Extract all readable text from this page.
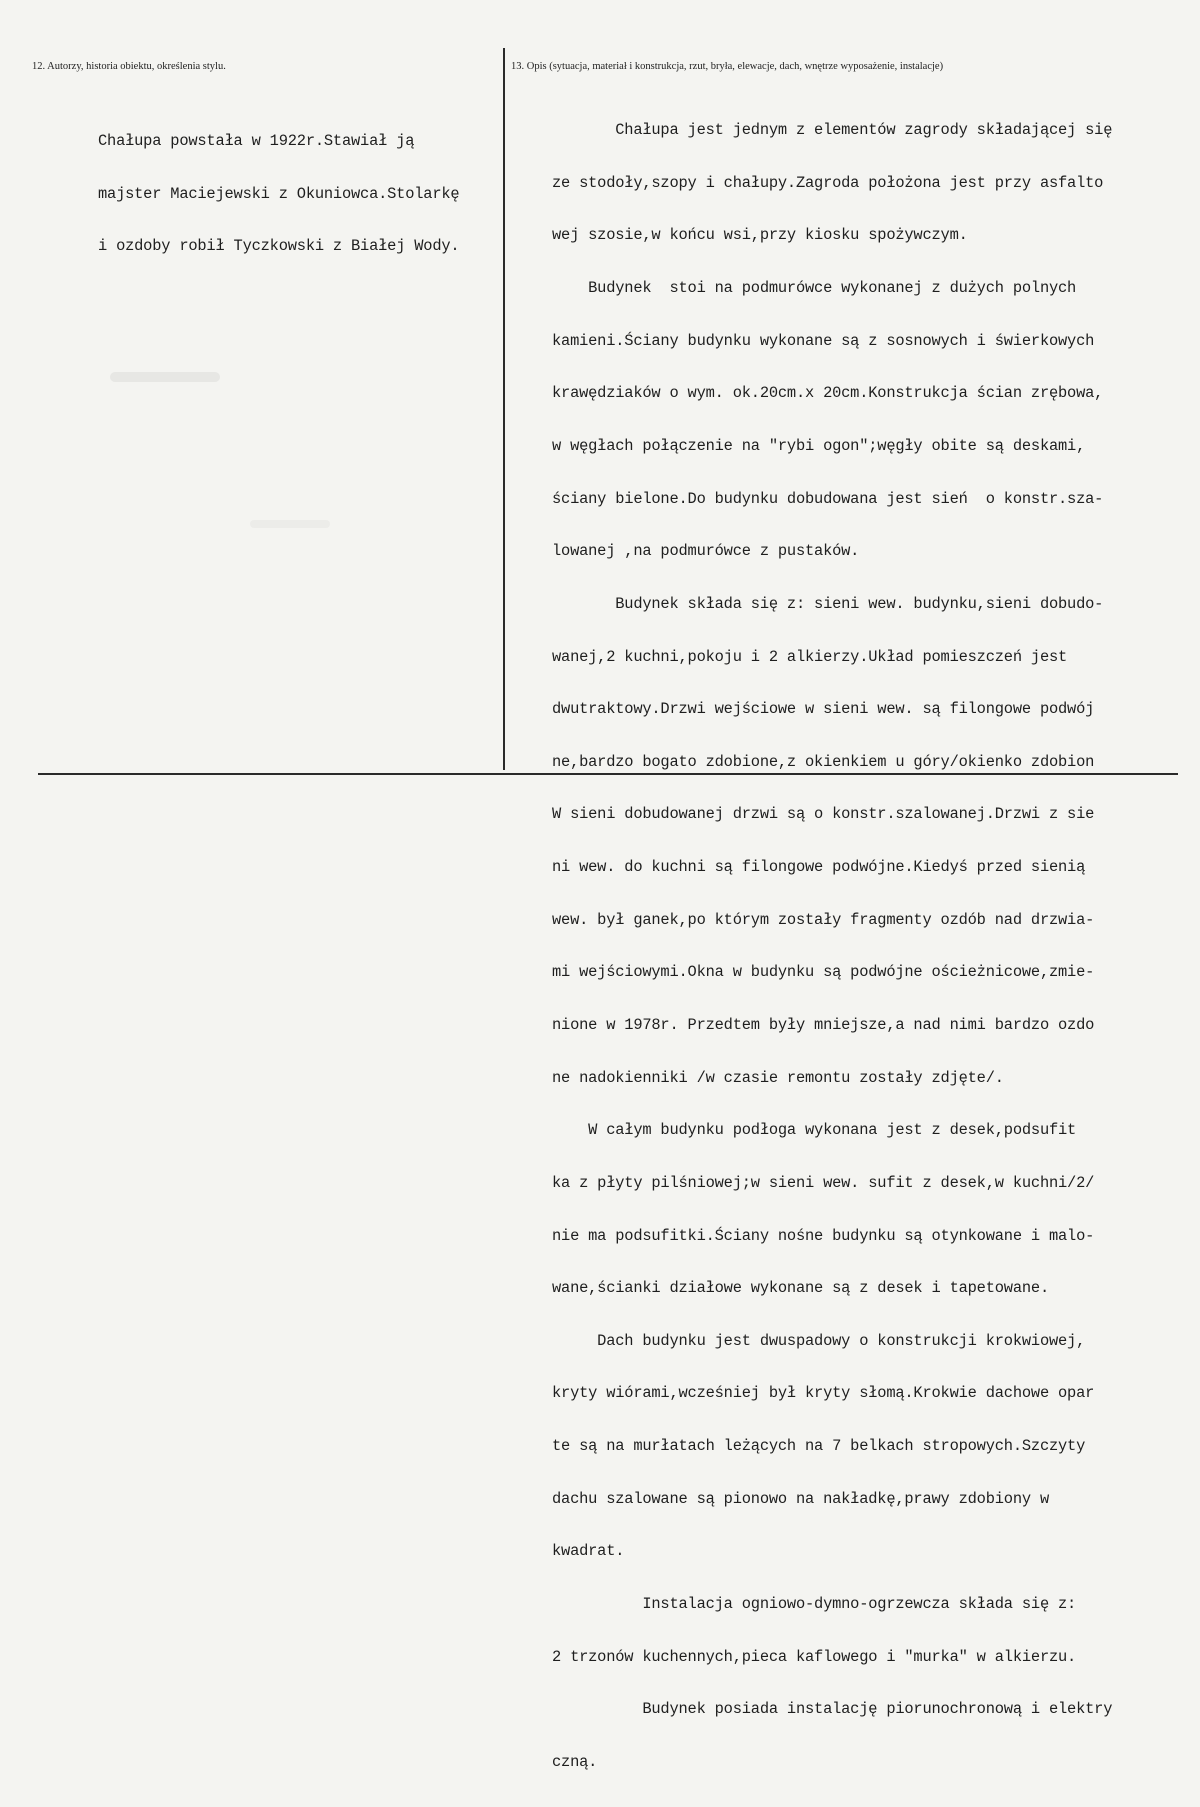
12. Autorzy, historia obiektu, określenia stylu.	13. Opis (sytuacja, materiał i konstrukcja, rzut, bryła, elewacje, dach, wnętrze wyposażenie, instalacje)

Chałupa powstała w 1922r.Stawiał ją

majster Maciejewski z Okuniowca.Stolarkę

i ozdoby robił Tyczkowski z Białej Wody.

Chałupa jest jednym z elementów zagrody składającej się

ze stodoły,szopy i chałupy.Zagroda położona jest przy asfalto

wej szosie,w końcu wsi,przy kiosku spożywczym.

Budynek  stoi na podmurówce wykonanej z dużych polnych

kamieni.Ściany budynku wykonane są z sosnowych i świerkowych

krawędziaków o wym. ok.20cm.x 20cm.Konstrukcja ścian zrębowa,

w węgłach połączenie na "rybi ogon";węgły obite są deskami,

ściany bielone.Do budynku dobudowana jest sień  o konstr.sza-

lowanej ,na podmurówce z pustaków.

Budynek składa się z: sieni wew. budynku,sieni dobudo-

wanej,2 kuchni,pokoju i 2 alkierzy.Układ pomieszczeń jest

dwutraktowy.Drzwi wejściowe w sieni wew. są filongowe podwój

ne,bardzo bogato zdobione,z okienkiem u góry/okienko zdobion

W sieni dobudowanej drzwi są o konstr.szalowanej.Drzwi z sie

ni wew. do kuchni są filongowe podwójne.Kiedyś przed sienią

wew. był ganek,po którym zostały fragmenty ozdób nad drzwia-

mi wejściowymi.Okna w budynku są podwójne ościeżnicowe,zmie-

nione w 1978r. Przedtem były mniejsze,a nad nimi bardzo ozdo

ne nadokienniki /w czasie remontu zostały zdjęte/.

W całym budynku podłoga wykonana jest z desek,podsufit

ka z płyty pilśniowej;w sieni wew. sufit z desek,w kuchni/2/

nie ma podsufitki.Ściany nośne budynku są otynkowane i malo-

wane,ścianki działowe wykonane są z desek i tapetowane.

Dach budynku jest dwuspadowy o konstrukcji krokwiowej,

kryty wiórami,wcześniej był kryty słomą.Krokwie dachowe opar

te są na murłatach leżących na 7 belkach stropowych.Szczyty

dachu szalowane są pionowo na nakładkę,prawy zdobiony w

kwadrat.

Instalacja ogniowo-dymno-ogrzewcza składa się z:

2 trzonów kuchennych,pieca kaflowego i "murka" w alkierzu.

Budynek posiada instalację piorunochronową i elektry

czną.
